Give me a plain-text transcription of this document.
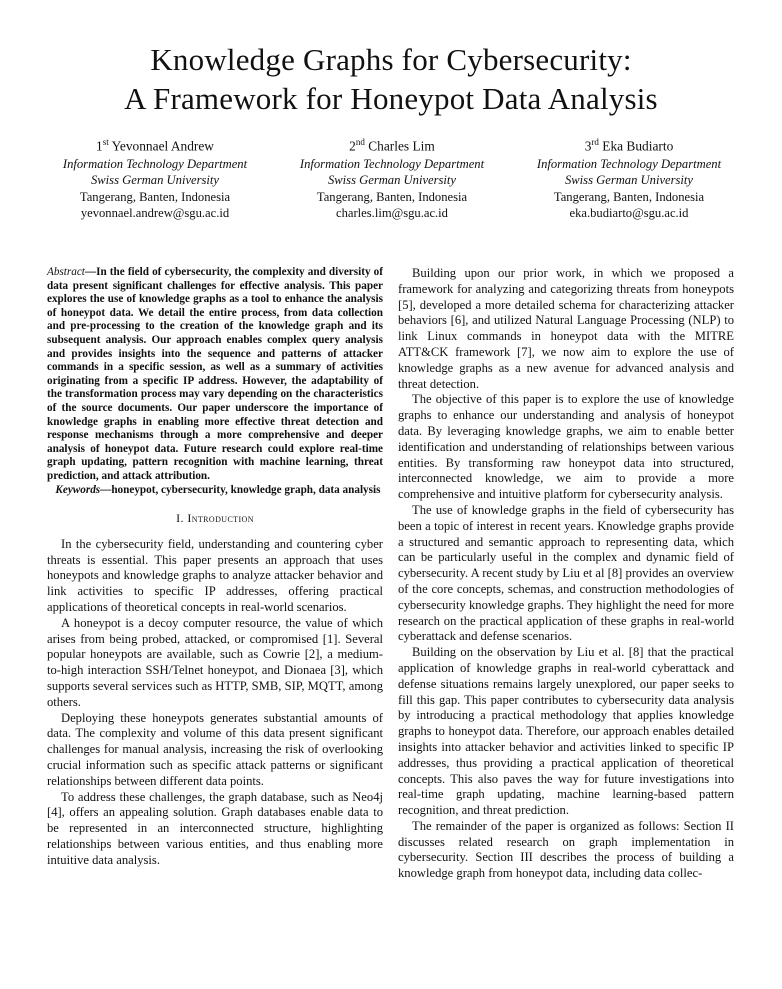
Knowledge Graphs for Cybersecurity:
A Framework for Honeypot Data Analysis
1st Yevonnael Andrew
Information Technology Department
Swiss German University
Tangerang, Banten, Indonesia
yevonnael.andrew@sgu.ac.id
2nd Charles Lim
Information Technology Department
Swiss German University
Tangerang, Banten, Indonesia
charles.lim@sgu.ac.id
3rd Eka Budiarto
Information Technology Department
Swiss German University
Tangerang, Banten, Indonesia
eka.budiarto@sgu.ac.id
Abstract—In the field of cybersecurity, the complexity and diversity of data present significant challenges for effective analysis. This paper explores the use of knowledge graphs as a tool to enhance the analysis of honeypot data. We detail the entire process, from data collection and pre-processing to the creation of the knowledge graph and its subsequent analysis. Our approach enables complex query analysis and provides insights into the sequence and patterns of attacker commands in a specific session, as well as a summary of activities originating from a specific IP address. However, the adaptability of the transformation process may vary depending on the characteristics of the source documents. Our paper underscore the importance of knowledge graphs in enabling more effective threat detection and response mechanisms through a more comprehensive and deeper analysis of honeypot data. Future research could explore real-time graph updating, pattern recognition with machine learning, threat prediction, and attack attribution.
Keywords—honeypot, cybersecurity, knowledge graph, data analysis
I. Introduction

In the cybersecurity field, understanding and countering cyber threats is essential. This paper presents an approach that uses honeypots and knowledge graphs to analyze attacker behavior and link activities to specific IP addresses, offering practical applications of theoretical concepts in real-world scenarios.

A honeypot is a decoy computer resource, the value of which arises from being probed, attacked, or compromised [1]. Several popular honeypots are available, such as Cowrie [2], a medium-to-high interaction SSH/Telnet honeypot, and Dionaea [3], which supports several services such as HTTP, SMB, SIP, MQTT, among others.

Deploying these honeypots generates substantial amounts of data. The complexity and volume of this data present significant challenges for manual analysis, increasing the risk of overlooking crucial information such as specific attack patterns or significant relationships between different data points.

To address these challenges, the graph database, such as Neo4j [4], offers an appealing solution. Graph databases enable data to be represented in an interconnected structure, highlighting relationships between various entities, and thus enabling more intuitive data analysis.

Building upon our prior work, in which we proposed a framework for analyzing and categorizing threats from honeypots [5], developed a more detailed schema for characterizing attacker behaviors [6], and utilized Natural Language Processing (NLP) to link Linux commands in honeypot data with the MITRE ATT&CK framework [7], we now aim to explore the use of knowledge graphs as a new avenue for advanced analysis and threat detection.

The objective of this paper is to explore the use of knowledge graphs to enhance our understanding and analysis of honeypot data. By leveraging knowledge graphs, we aim to enable better identification and understanding of relationships between various entities. By transforming raw honeypot data into structured, interconnected knowledge, we aim to provide a more comprehensive and intuitive platform for cybersecurity analysis.

The use of knowledge graphs in the field of cybersecurity has been a topic of interest in recent years. Knowledge graphs provide a structured and semantic approach to representing data, which can be particularly useful in the complex and dynamic field of cybersecurity. A recent study by Liu et al [8] provides an overview of the core concepts, schemas, and construction methodologies of cybersecurity knowledge graphs. They highlight the need for more research on the practical application of these graphs in real-world cyberattack and defense scenarios.

Building on the observation by Liu et al. [8] that the practical application of knowledge graphs in real-world cyberattack and defense situations remains largely unexplored, our paper seeks to fill this gap. This paper contributes to cybersecurity data analysis by introducing a practical methodology that applies knowledge graphs to honeypot data. Therefore, our approach enables detailed insights into attacker behavior and activities linked to specific IP addresses, thus providing a practical application of theoretical concepts. This also paves the way for future investigations into real-time graph updating, machine learning-based pattern recognition, and threat prediction.

The remainder of the paper is organized as follows: Section II discusses related research on graph implementation in cybersecurity. Section III describes the process of building a knowledge graph from honeypot data, including data collec-
